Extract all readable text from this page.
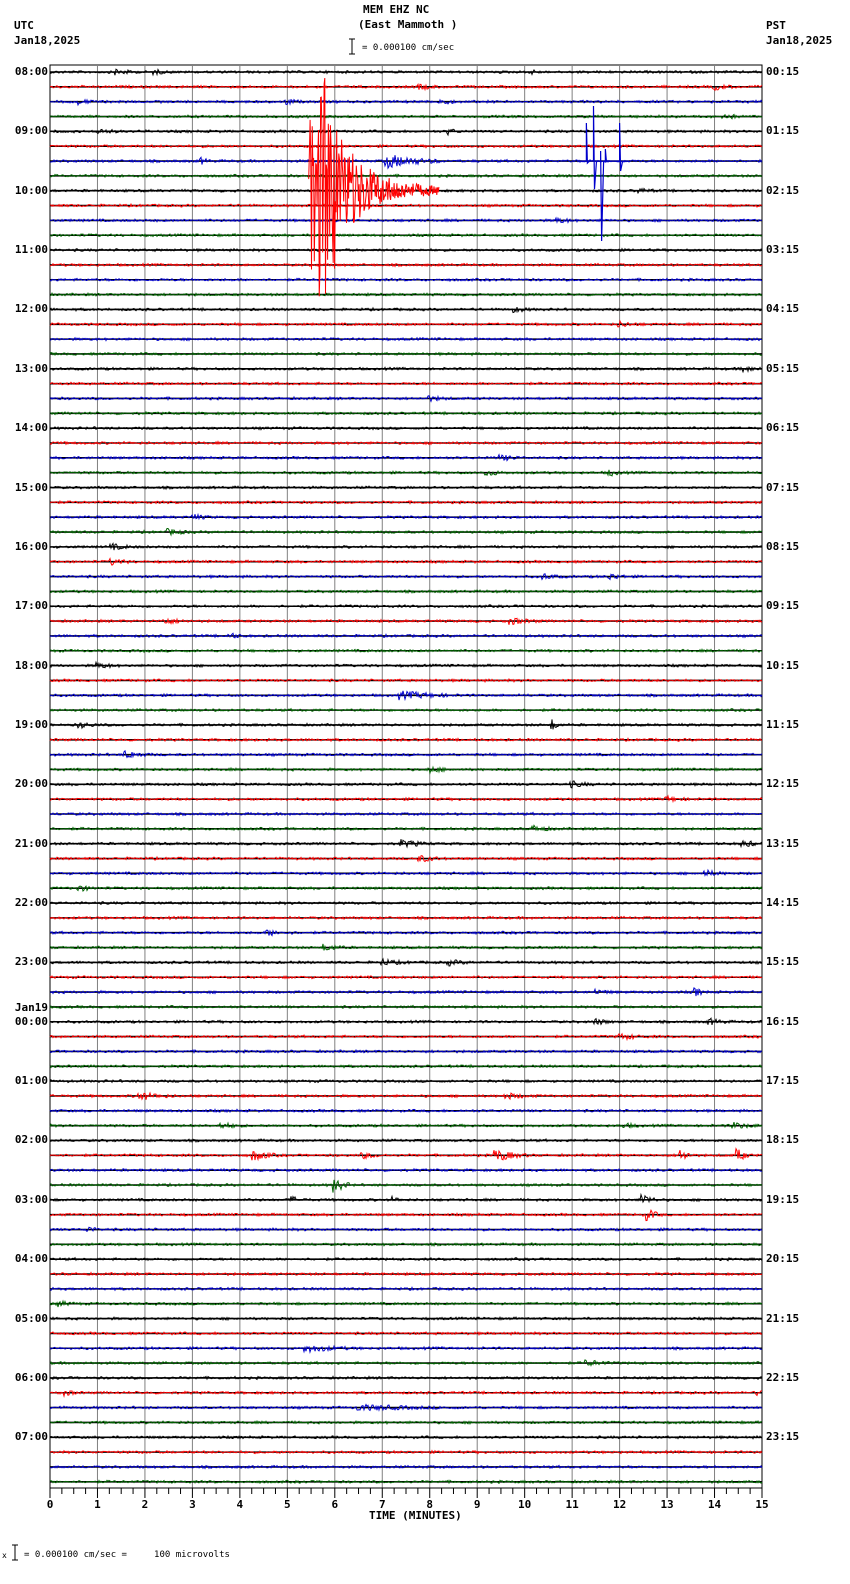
MEM EHZ NC
(East Mammoth )
UTC
Jan18,2025
PST
Jan18,2025
= 0.000100 cm/sec
08:00
09:00
10:00
11:00
12:00
13:00
14:00
15:00
16:00
17:00
18:00
19:00
20:00
21:00
22:00
23:00
00:00
Jan19
01:00
02:00
03:00
04:00
05:00
06:00
07:00
00:15
01:15
02:15
03:15
04:15
05:15
06:15
07:15
08:15
09:15
10:15
11:15
12:15
13:15
14:15
15:15
16:15
17:15
18:15
19:15
20:15
21:15
22:15
23:15
0	1	2	3	4	5	6	7	8	9	10	11	12	13	14	15
TIME (MINUTES)
x = 0.000100 cm/sec =     100 microvolts
